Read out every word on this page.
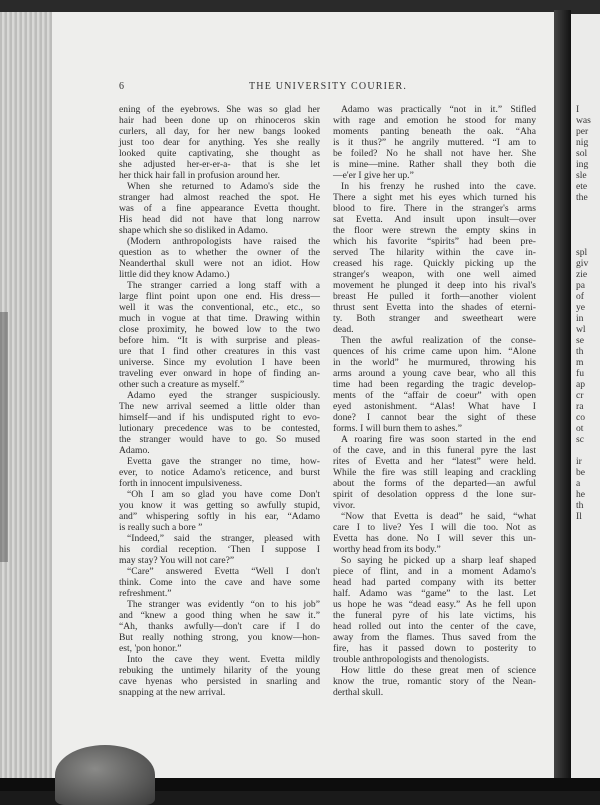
I
was
per
nig
sol
ing
sle
ete
the
spl
giv
zie
pa
of
ye
in
wl
se
th
m
fu
ap
cr
ra
co
ot
sc
ir
be
a
he
th
Il
6	THE UNIVERSITY COURIER.
ening of the eyebrows. She was so glad her
hair had been done up on rhinoceros skin
curlers, all day, for her new bangs looked
just too dear for anything. Yes she really
looked quite captivating, she thought as
she adjusted her-er-er-a- that is she let
her thick hair fall in profusion around her.
When she returned to Adamo's side the
stranger had almost reached the spot. He
was of a fine appearance Evetta thought.
His head did not have that long narrow
shape which she so disliked in Adamo.
(Modern anthropologists have raised the
question as to whether the owner of the
Neanderthal skull were not an idiot. How
little did they know Adamo.)
The stranger carried a long staff with a
large flint point upon one end. His dress—
well it was the conventional, etc., etc., so
much in vogue at that time. Drawing within
close proximity, he bowed low to the two
before him. “It is with surprise and pleas-
ure that I find other creatures in this vast
universe. Since my evolution I have been
traveling ever onward in hope of finding an-
other such a creature as myself.”
Adamo eyed the stranger suspiciously.
The new arrival seemed a little older than
himself—and if his undisputed right to evo-
lutionary precedence was to be contested,
the stranger would have to go. So mused
Adamo.
Evetta gave the stranger no time, how-
ever, to notice Adamo's reticence, and burst
forth in innocent impulsiveness.
“Oh I am so glad you have come Don't
you know it was getting so awfully stupid,
and” whispering softly in his ear, “Adamo
is really such a bore ”
“Indeed,” said the stranger, pleased with
his cordial reception. ‘Then I suppose I
may stay? You will not care?”
“Care” answered Evetta “Well I don't
think. Come into the cave and have some
refreshment.”
The stranger was evidently “on to his job”
and “knew a good thing when he saw it.”
“Ah, thanks awfully—don't care if I do
But really nothing strong, you know—hon-
est, 'pon honor.”
Into the cave they went. Evetta mildly
rebuking the untimely hilarity of the young
cave hyenas who persisted in snarling and
snapping at the new arrival.
Adamo was practically “not in it.” Stifled
with rage and emotion he stood for many
moments panting beneath the oak. “Aha
is it thus?” he angrily muttered. “I am to
be foiled? No he shall not have her. She
is mine—mine. Rather shall they both die
—e'er I give her up.”
In his frenzy he rushed into the cave.
There a sight met his eyes which turned his
blood to fire. There in the stranger's arms
sat Evetta. And insult upon insult—over
the floor were strewn the empty skins in
which his favorite “spirits” had been pre-
served The hilarity within the cave in-
creased his rage. Quickly picking up the
stranger's weapon, with one well aimed
movement he plunged it deep into his rival's
breast He pulled it forth—another violent
thrust sent Evetta into the shades of eterni-
ty. Both stranger and sweetheart were
dead.
Then the awful realization of the conse-
quences of his crime came upon him. “Alone
in the world” he murmured, throwing his
arms around a young cave bear, who all this
time had been regarding the tragic develop-
ments of the “affair de coeur” with open
eyed astonishment. “Alas! What have I
done? I cannot bear the sight of these
forms. I will burn them to ashes.”
A roaring fire was soon started in the end
of the cave, and in this funeral pyre the last
rites of Evetta and her “latest” were held.
While the fire was still leaping and crackling
about the forms of the departed—an awful
spirit of desolation oppress d the lone sur-
vivor.
“Now that Evetta is dead” he said, “what
care I to live? Yes I will die too. Not as
Evetta has done. No I will sever this un-
worthy head from its body.”
So saying he picked up a sharp leaf shaped
piece of flint, and in a moment Adamo's
head had parted company with its better
half. Adamo was “game” to the last. Let
us hope he was “dead easy.” As he fell upon
the funeral pyre of his late victims, his
head rolled out into the center of the cave,
away from the flames. Thus saved from the
fire, has it passed down to posterity to
trouble anthropologists and thenologists.
How little do these great men of science
know the true, romantic story of the Nean-
derthal skull.
